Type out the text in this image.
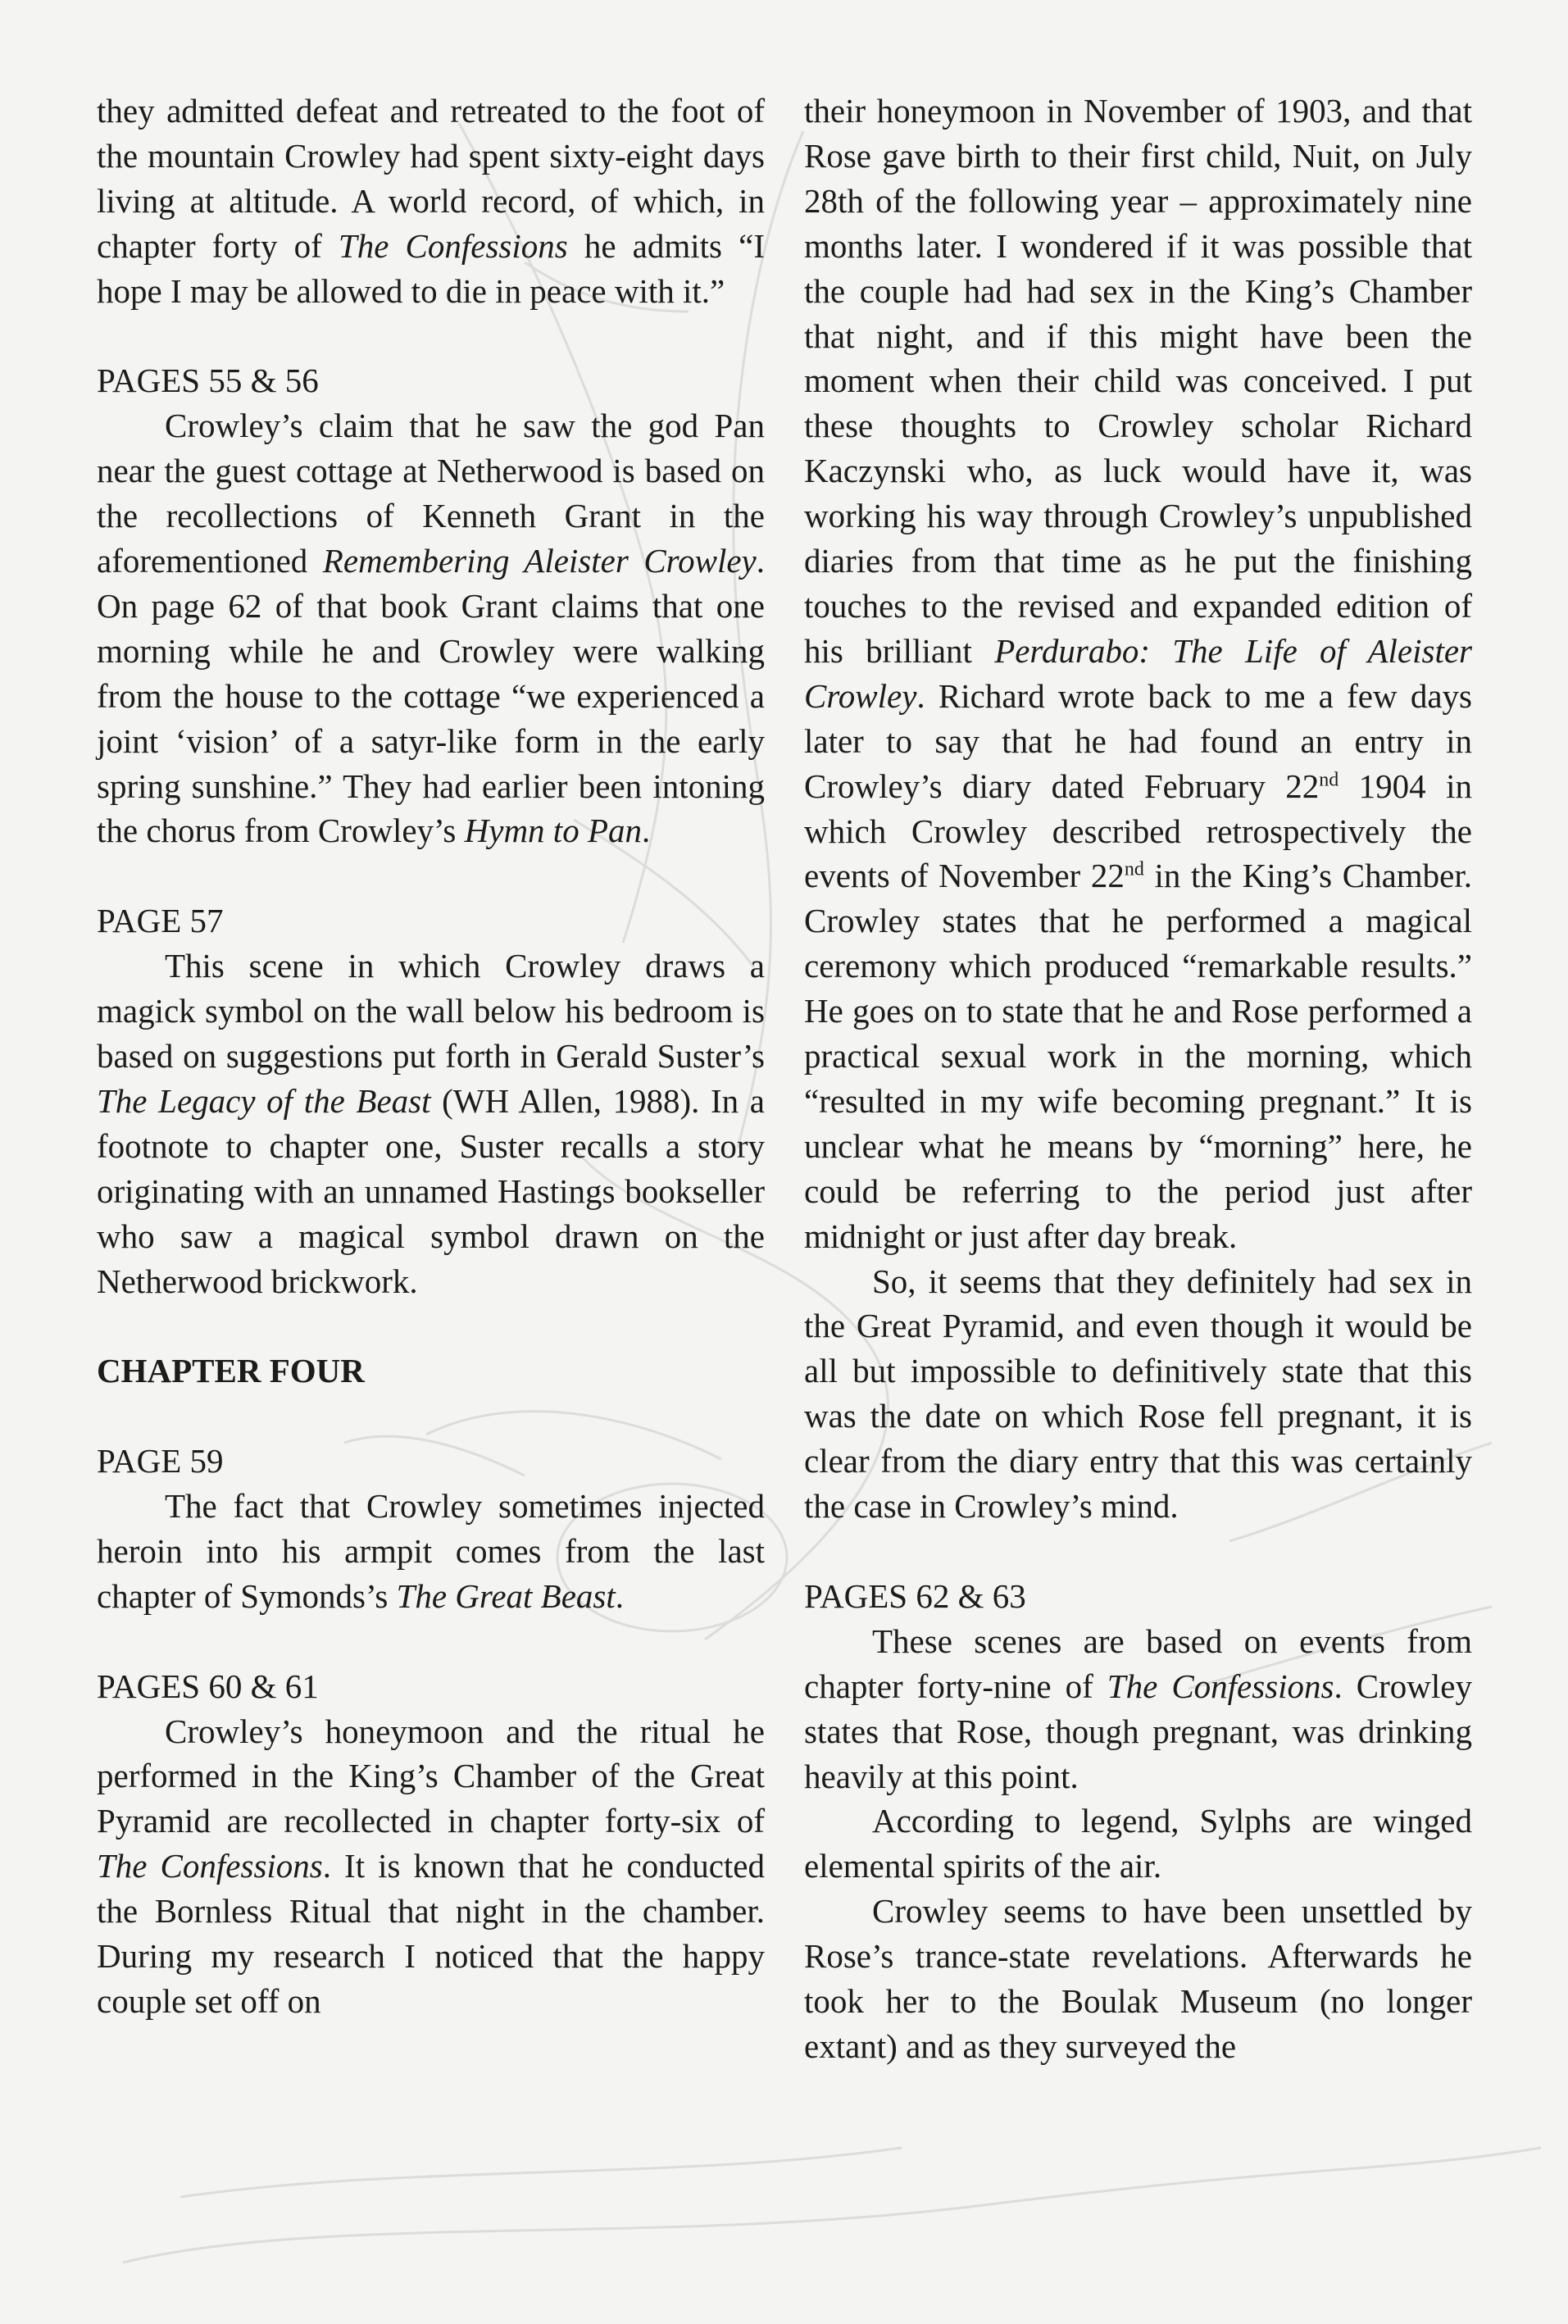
they admitted defeat and retreated to the foot of the mountain Crowley had spent sixty-eight days living at altitude. A world record, of which, in chapter forty of The Confessions he admits “I hope I may be allowed to die in peace with it.”

PAGES 55 & 56

Crowley’s claim that he saw the god Pan near the guest cottage at Netherwood is based on the recollections of Kenneth Grant in the aforementioned Remembering Aleister Crowley. On page 62 of that book Grant claims that one morning while he and Crowley were walking from the house to the cottage “we experienced a joint ‘vision’ of a satyr-like form in the early spring sunshine.” They had earlier been intoning the chorus from Crowley’s Hymn to Pan.

PAGE 57

This scene in which Crowley draws a magick symbol on the wall below his bedroom is based on suggestions put forth in Gerald Suster’s The Legacy of the Beast (WH Allen, 1988). In a footnote to chapter one, Suster recalls a story originating with an unnamed Hastings bookseller who saw a magical symbol drawn on the Netherwood brickwork.

CHAPTER FOUR
PAGE 59

The fact that Crowley sometimes injected heroin into his armpit comes from the last chapter of Symonds’s The Great Beast.

PAGES 60 & 61

Crowley’s honeymoon and the ritual he performed in the King’s Chamber of the Great Pyramid are recollected in chapter forty-six of The Confessions. It is known that he conducted the Bornless Ritual that night in the chamber. During my research I noticed that the happy couple set off on

their honeymoon in November of 1903, and that Rose gave birth to their first child, Nuit, on July 28th of the following year – approximately nine months later. I wondered if it was possible that the couple had had sex in the King’s Chamber that night, and if this might have been the moment when their child was conceived. I put these thoughts to Crowley scholar Richard Kaczynski who, as luck would have it, was working his way through Crowley’s unpublished diaries from that time as he put the finishing touches to the revised and expanded edition of his brilliant Perdurabo: The Life of Aleister Crowley. Richard wrote back to me a few days later to say that he had found an entry in Crowley’s diary dated February 22nd 1904 in which Crowley described retrospectively the events of November 22nd in the King’s Chamber. Crowley states that he performed a magical ceremony which produced “remarkable results.” He goes on to state that he and Rose performed a practical sexual work in the morning, which “resulted in my wife becoming pregnant.” It is unclear what he means by “morning” here, he could be referring to the period just after midnight or just after day break.

So, it seems that they definitely had sex in the Great Pyramid, and even though it would be all but impossible to definitively state that this was the date on which Rose fell pregnant, it is clear from the diary entry that this was certainly the case in Crowley’s mind.

PAGES 62 & 63

These scenes are based on events from chapter forty-nine of The Confessions. Crowley states that Rose, though pregnant, was drinking heavily at this point.

According to legend, Sylphs are winged elemental spirits of the air.

Crowley seems to have been unsettled by Rose’s trance-state revelations. Afterwards he took her to the Boulak Museum (no longer extant) and as they surveyed the
